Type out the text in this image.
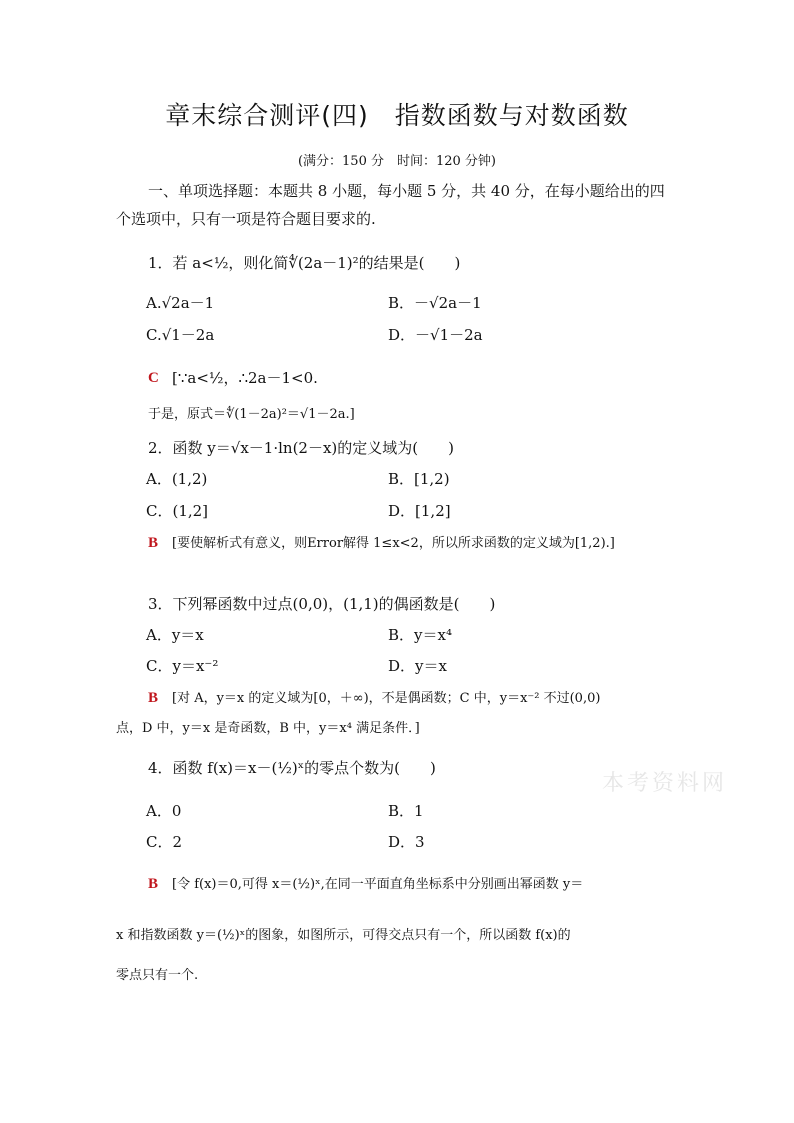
章末综合测评(四)　指数函数与对数函数
(满分：150 分　时间：120 分钟)
一、单项选择题：本题共 8 小题，每小题 5 分，共 40 分，在每小题给出的四
个选项中，只有一项是符合题目要求的.
1．若 a<½，则化简∜(2a－1)²的结果是(　　)
A.√2a－1	B．－√2a－1
C.√1－2a	D．－√1－2a
C [∵a<½，∴2a－1<0.
于是，原式＝∜(1－2a)²＝√1－2a.]
2．函数 y＝√x－1·ln(2－x)的定义域为(　　)
A．(1,2)	B．[1,2)
C．(1,2]	D．[1,2]
B [要使解析式有意义，则Error解得 1≤x<2，所以所求函数的定义域为[1,2).]
3．下列幂函数中过点(0,0)，(1,1)的偶函数是(　　)
A．y＝x	B．y＝x⁴
C．y＝x⁻²	D．y＝x
B [对 A，y＝x 的定义域为[0，＋∞)，不是偶函数；C 中，y＝x⁻² 不过(0,0)
点，D 中，y＝x 是奇函数，B 中，y＝x⁴ 满足条件．]
4．函数 f(x)＝x－(½)ˣ的零点个数为(　　)
本考资料网
A．0	B．1
C．2	D．3
B [令 f(x)＝0,可得 x＝(½)ˣ,在同一平面直角坐标系中分别画出幂函数 y＝
x 和指数函数 y＝(½)ˣ的图象，如图所示，可得交点只有一个，所以函数 f(x)的
零点只有一个.
